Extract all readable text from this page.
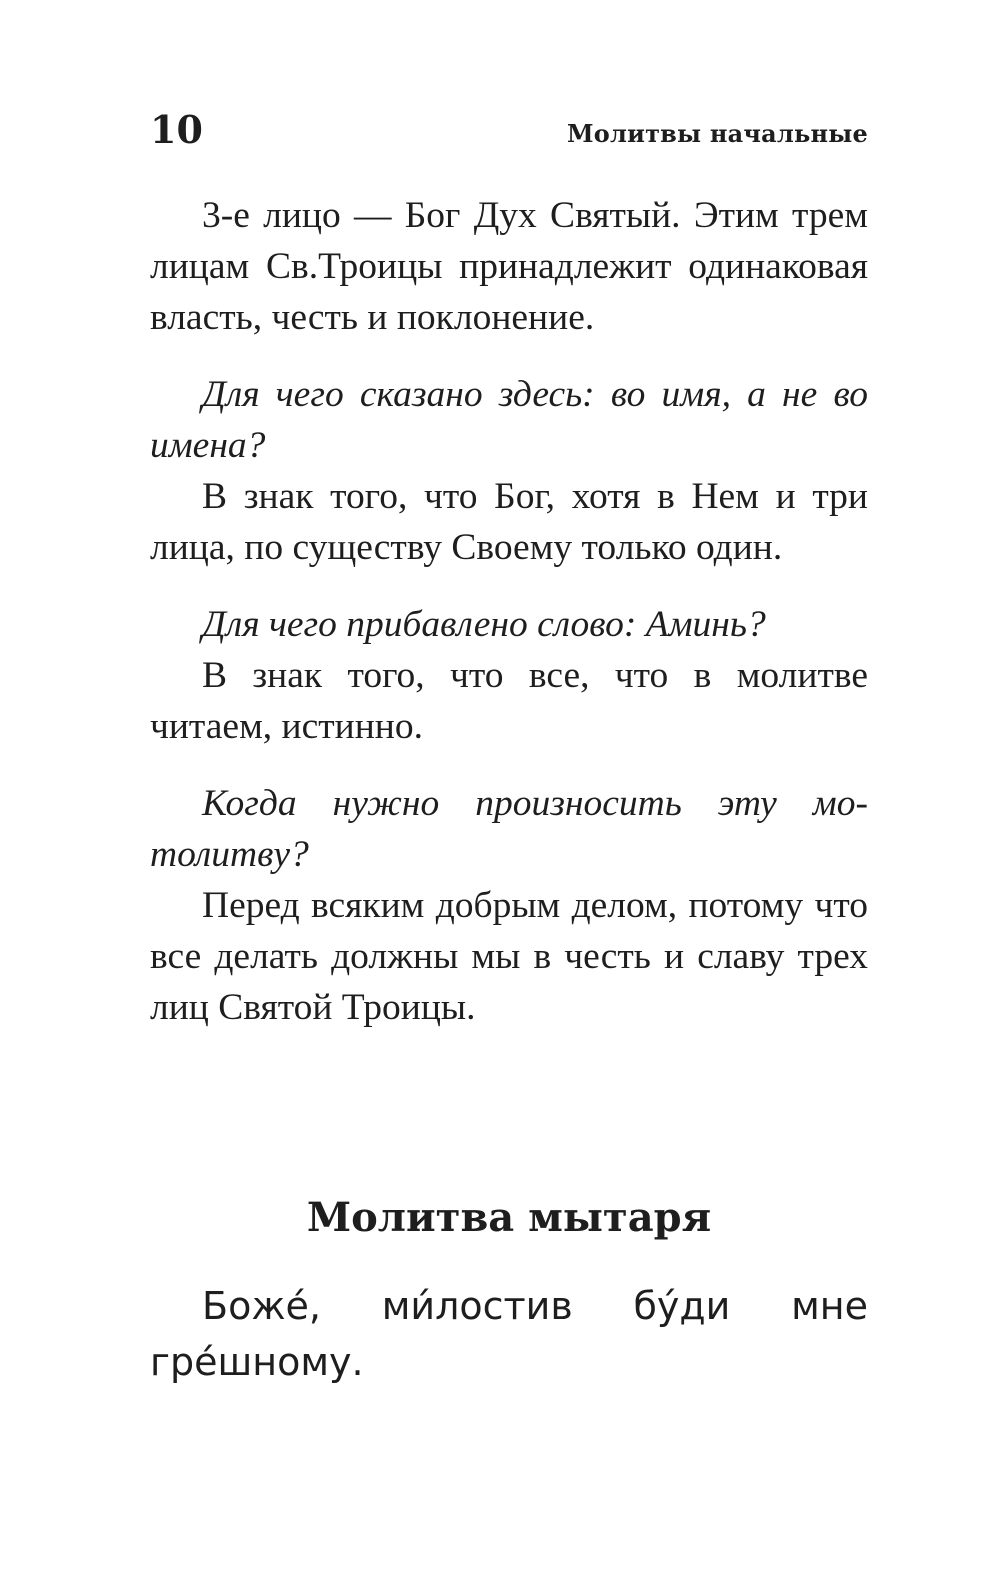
10	Молитвы начальные

3-е лицо — Бог Дух Святый. Этим трем лицам Св.Троицы принадлежит одинаковая власть, честь и поклонение.

Для чего сказано здесь: во имя, а не во имена?

В знак того, что Бог, хотя в Нем и три лица, по существу Своему только один.

Для чего прибавлено слово: Аминь?

В знак того, что все, что в молитве читаем, истинно.

Когда нужно произносить эту моmолитву?

Перед всяким добрым делом, потому что все делать должны мы в честь и славу трех лиц Святой Троицы.

Молитва мытаря

Боже́, ми́лостив бу́ди мне гре́шному.
